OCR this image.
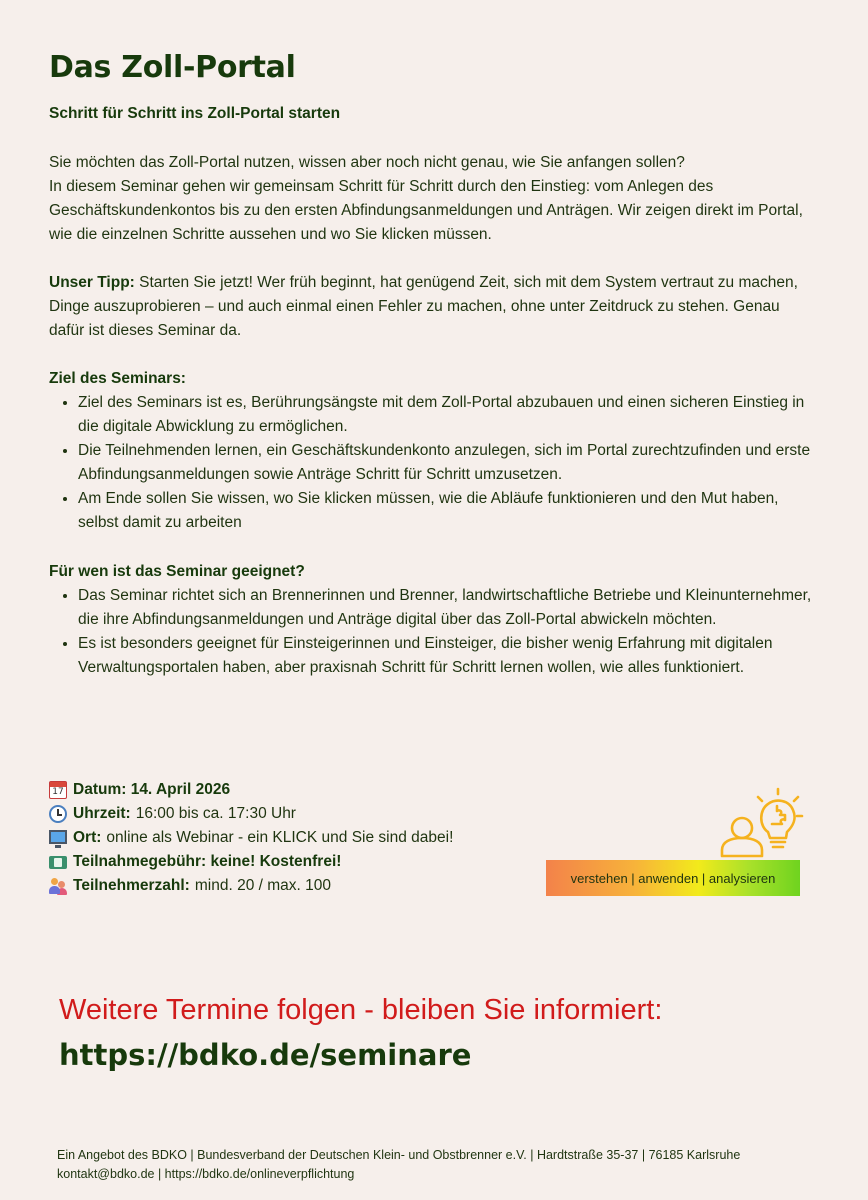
Das Zoll-Portal

Schritt für Schritt ins Zoll-Portal starten

Sie möchten das Zoll-Portal nutzen, wissen aber noch nicht genau, wie Sie anfangen sollen?

In diesem Seminar gehen wir gemeinsam Schritt für Schritt durch den Einstieg: vom Anlegen des Geschäftskundenkontos bis zu den ersten Abfindungsanmeldungen und Anträgen. Wir zeigen direkt im Portal, wie die einzelnen Schritte aussehen und wo Sie klicken müssen.

Unser Tipp: Starten Sie jetzt! Wer früh beginnt, hat genügend Zeit, sich mit dem System vertraut zu machen, Dinge auszuprobieren – und auch einmal einen Fehler zu machen, ohne unter Zeitdruck zu stehen. Genau dafür ist dieses Seminar da.

Ziel des Seminars:

• Ziel des Seminars ist es, Berührungsängste mit dem Zoll-Portal abzubauen und einen sicheren Einstieg in die digitale Abwicklung zu ermöglichen.
• Die Teilnehmenden lernen, ein Geschäftskundenkonto anzulegen, sich im Portal zurechtzufinden und erste Abfindungsanmeldungen sowie Anträge Schritt für Schritt umzusetzen.
• Am Ende sollen Sie wissen, wo Sie klicken müssen, wie die Abläufe funktionieren und den Mut haben, selbst damit zu arbeiten

Für wen ist das Seminar geeignet?

• Das Seminar richtet sich an Brennerinnen und Brenner, landwirtschaftliche Betriebe und Kleinunternehmer, die ihre Abfindungsanmeldungen und Anträge digital über das Zoll-Portal abwickeln möchten.
• Es ist besonders geeignet für Einsteigerinnen und Einsteiger, die bisher wenig Erfahrung mit digitalen Verwaltungsportalen haben, aber praxisnah Schritt für Schritt lernen wollen, wie alles funktioniert.
17 Datum: 14. April 2026
Uhrzeit: 16:00 bis ca. 17:30 Uhr
Ort: online als Webinar - ein KLICK und Sie sind dabei!
Teilnahmegebühr: keine! Kostenfrei!
Teilnehmerzahl: mind. 20 / max. 100	verstehen | anwenden | analysieren

Weitere Termine folgen - bleiben Sie informiert:

https://bdko.de/seminare

Ein Angebot des BDKO | Bundesverband der Deutschen Klein- und Obstbrenner e.V. | Hardtstraße 35-37 | 76185 Karlsruhe

kontakt@bdko.de | https://bdko.de/onlineverpflichtung
